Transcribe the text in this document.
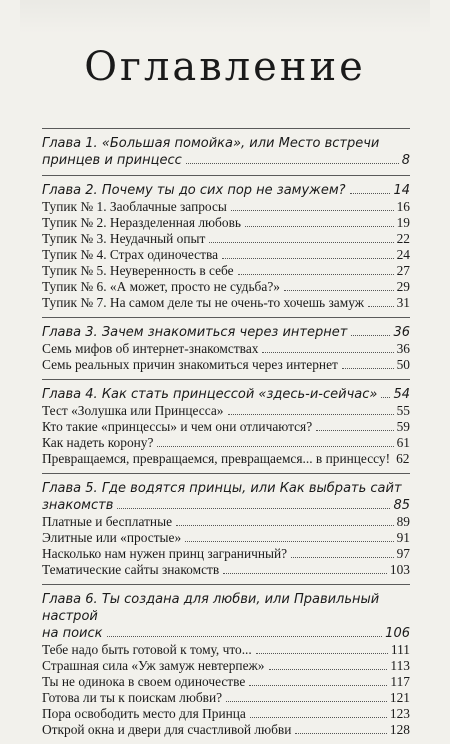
Оглавление
Глава 1. «Большая помойка», или Место встречи
принцев и принцесс	8
Глава 2. Почему ты до сих пор не замужем?	14
Тупик № 1. Заоблачные запросы	16
Тупик № 2. Неразделенная любовь	19
Тупик № 3. Неудачный опыт	22
Тупик № 4. Страх одиночества	24
Тупик № 5. Неуверенность в себе	27
Тупик № 6. «А может, просто не судьба?»	29
Тупик № 7. На самом деле ты не очень-то хочешь замуж 31
Глава 3. Зачем знакомиться через интернет	36
Семь мифов об интернет-знакомствах	36
Семь реальных причин знакомиться через интернет	50
Глава 4. Как стать принцессой «здесь-и-сейчас» 54
Тест «Золушка или Принцесса»	55
Кто такие «принцессы» и чем они отличаются?	59
Как надеть корону?	61
Превращаемся, превращаемся, превращаемся... в принцессу! 62
Глава 5. Где водятся принцы, или Как выбрать сайт
знакомств	85
Платные и бесплатные	89
Элитные или «простые»	91
Насколько нам нужен принц заграничный?	97
Тематические сайты знакомств	103
Глава 6. Ты создана для любви, или Правильный настрой
на поиск	106
Тебе надо быть готовой к тому, что...	111
Страшная сила «Уж замуж невтерпеж»	113
Ты не одинока в своем одиночестве	117
Готова ли ты к поискам любви?	121
Пора освободить место для Принца	123
Открой окна и двери для счастливой любви	128
